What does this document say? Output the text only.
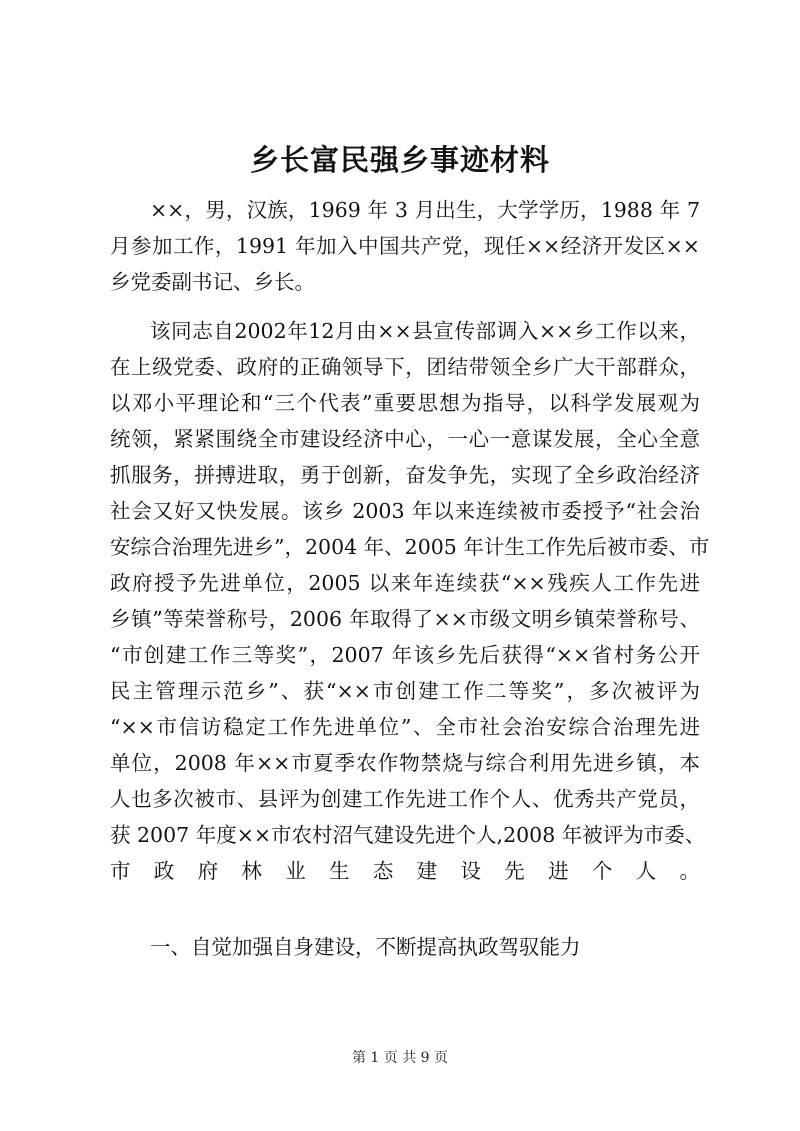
乡长富民强乡事迹材料
××，男，汉族，1969 年 3 月出生，大学学历，1988 年 7
月参加工作，1991 年加入中国共产党，现任××经济开发区××
乡党委副书记、乡长。
该同志自2002年12月由××县宣传部调入××乡工作以来，
在上级党委、政府的正确领导下，团结带领全乡广大干部群众，
以邓小平理论和“三个代表”重要思想为指导，以科学发展观为
统领，紧紧围绕全市建设经济中心，一心一意谋发展，全心全意
抓服务，拼搏进取，勇于创新，奋发争先，实现了全乡政治经济
社会又好又快发展。该乡 2003 年以来连续被市委授予“社会治
安综合治理先进乡”，2004 年、2005 年计生工作先后被市委、市
政府授予先进单位，2005 以来年连续获“××残疾人工作先进
乡镇”等荣誉称号，2006 年取得了××市级文明乡镇荣誉称号、
“市创建工作三等奖”，2007 年该乡先后获得“××省村务公开
民主管理示范乡”、获“××市创建工作二等奖”，多次被评为
“××市信访稳定工作先进单位”、全市社会治安综合治理先进
单位，2008 年××市夏季农作物禁烧与综合利用先进乡镇，本
人也多次被市、县评为创建工作先进工作个人、优秀共产党员，
获 2007 年度××市农村沼气建设先进个人,2008 年被评为市委、
市政府林业生态建设先进个人。
一、自觉加强自身建设，不断提高执政驾驭能力
第 1 页 共 9 页
